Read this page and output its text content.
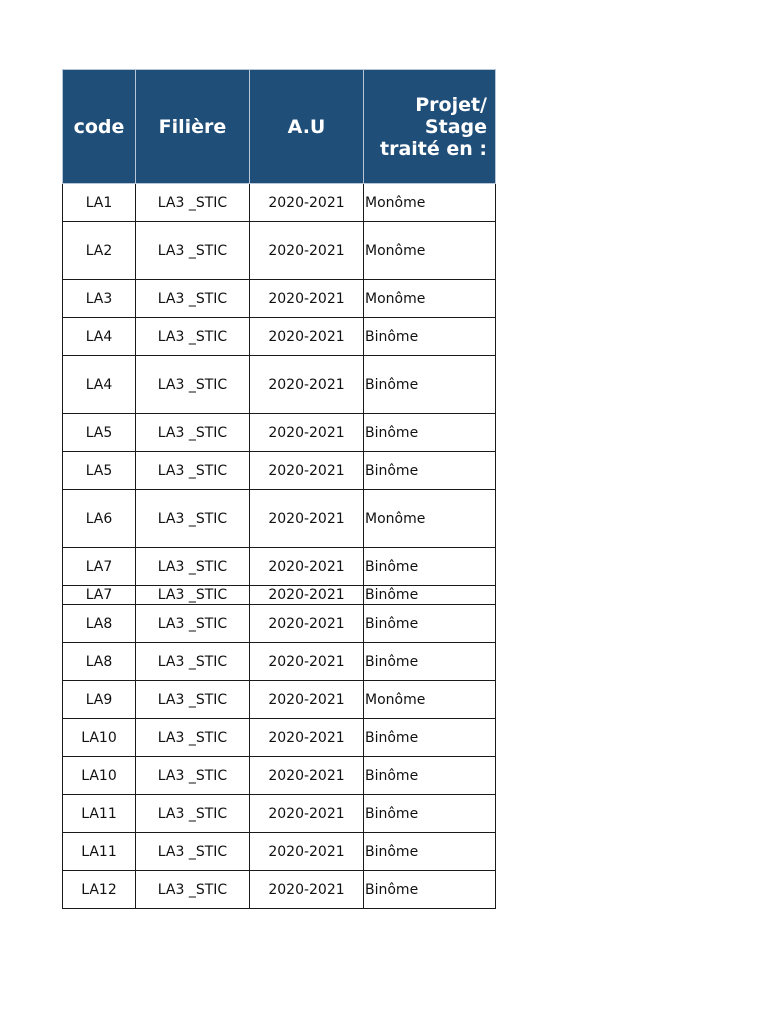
code	Filière	A.U	Projet/
Stage
traité en :
LA1	LA3 _STIC	2020-2021	Monôme
LA2	LA3 _STIC	2020-2021	Monôme
LA3	LA3 _STIC	2020-2021	Monôme
LA4	LA3 _STIC	2020-2021	Binôme
LA4	LA3 _STIC	2020-2021	Binôme
LA5	LA3 _STIC	2020-2021	Binôme
LA5	LA3 _STIC	2020-2021	Binôme
LA6	LA3 _STIC	2020-2021	Monôme
LA7	LA3 _STIC	2020-2021	Binôme
LA7	LA3 _STIC	2020-2021	Binôme
LA8	LA3 _STIC	2020-2021	Binôme
LA8	LA3 _STIC	2020-2021	Binôme
LA9	LA3 _STIC	2020-2021	Monôme
LA10	LA3 _STIC	2020-2021	Binôme
LA10	LA3 _STIC	2020-2021	Binôme
LA11	LA3 _STIC	2020-2021	Binôme
LA11	LA3 _STIC	2020-2021	Binôme
LA12	LA3 _STIC	2020-2021	Binôme
